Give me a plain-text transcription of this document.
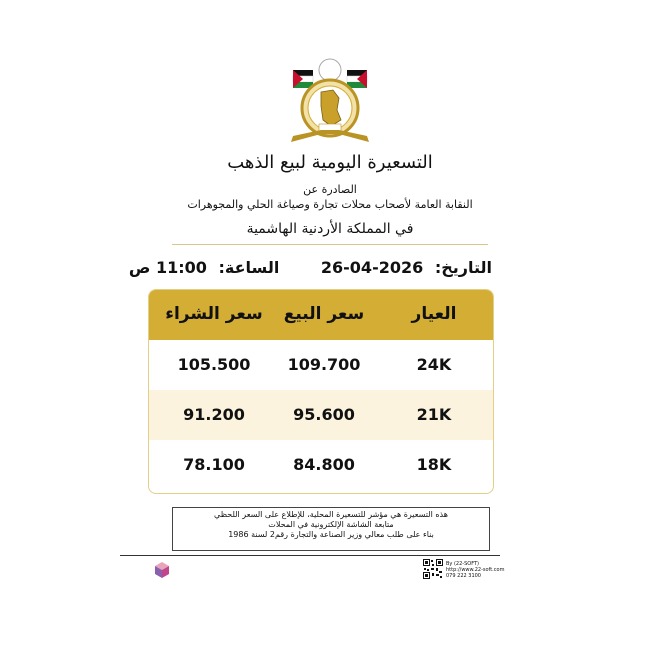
التسعيرة اليومية لبيع الذهب
الصادرة عن
النقابة العامة لأصحاب محلات تجارة وصياغة الحلي والمجوهرات
في المملكة الأردنية الهاشمية
التاريخ: 26-04-2026 الساعة: 11:00 ص
العيار
سعر البيع
سعر الشراء
24K
109.700
105.500
21K
95.600
91.200
18K
84.800
78.100
هذه التسعيرة هي مؤشر للتسعيرة المحلية، للإطلاع على السعر اللحظي
متابعة الشاشة الإلكترونية في المحلات
بناء على طلب معالي وزير الصناعة والتجارة رقم2 لسنة 1986

By (22-SOFT)
http://www.22-soft.com
079 222 3100
